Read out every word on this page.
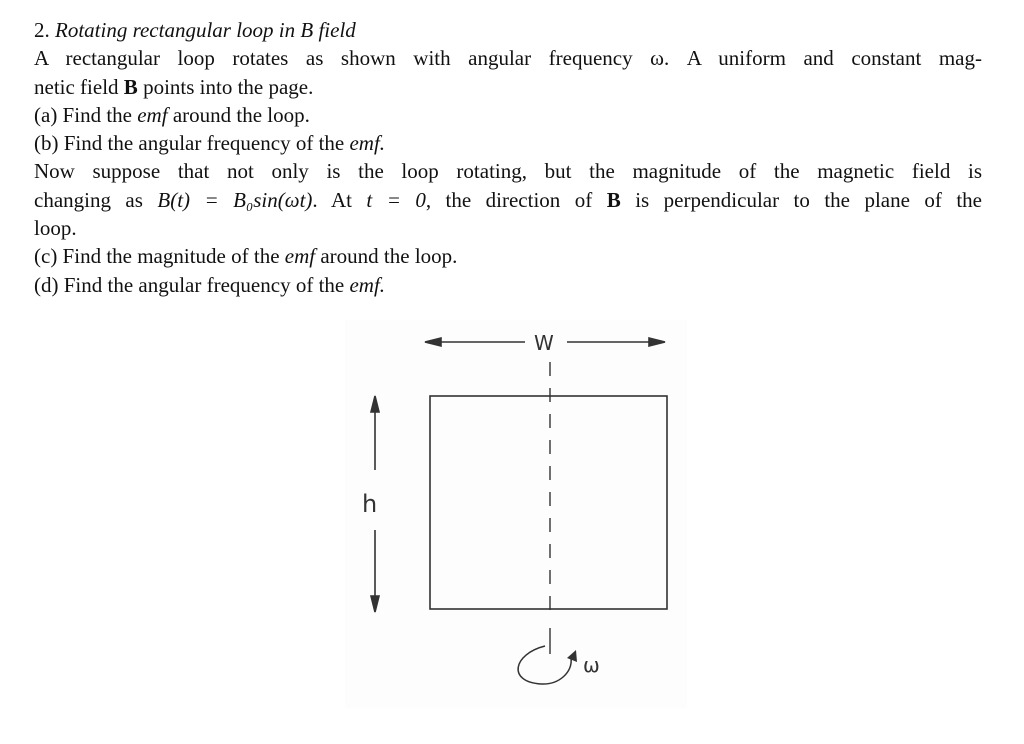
2. Rotating rectangular loop in B field
A rectangular loop rotates as shown with angular frequency ω. A uniform and constant mag-
netic field B points into the page.
(a) Find the emf around the loop.
(b) Find the angular frequency of the emf.
Now suppose that not only is the loop rotating, but the magnitude of the magnetic field is
changing as B(t) = B₀sin(ωt). At t = 0, the direction of B is perpendicular to the plane of the
loop.
(c) Find the magnitude of the emf around the loop.
(d) Find the angular frequency of the emf.
W
h
ω
